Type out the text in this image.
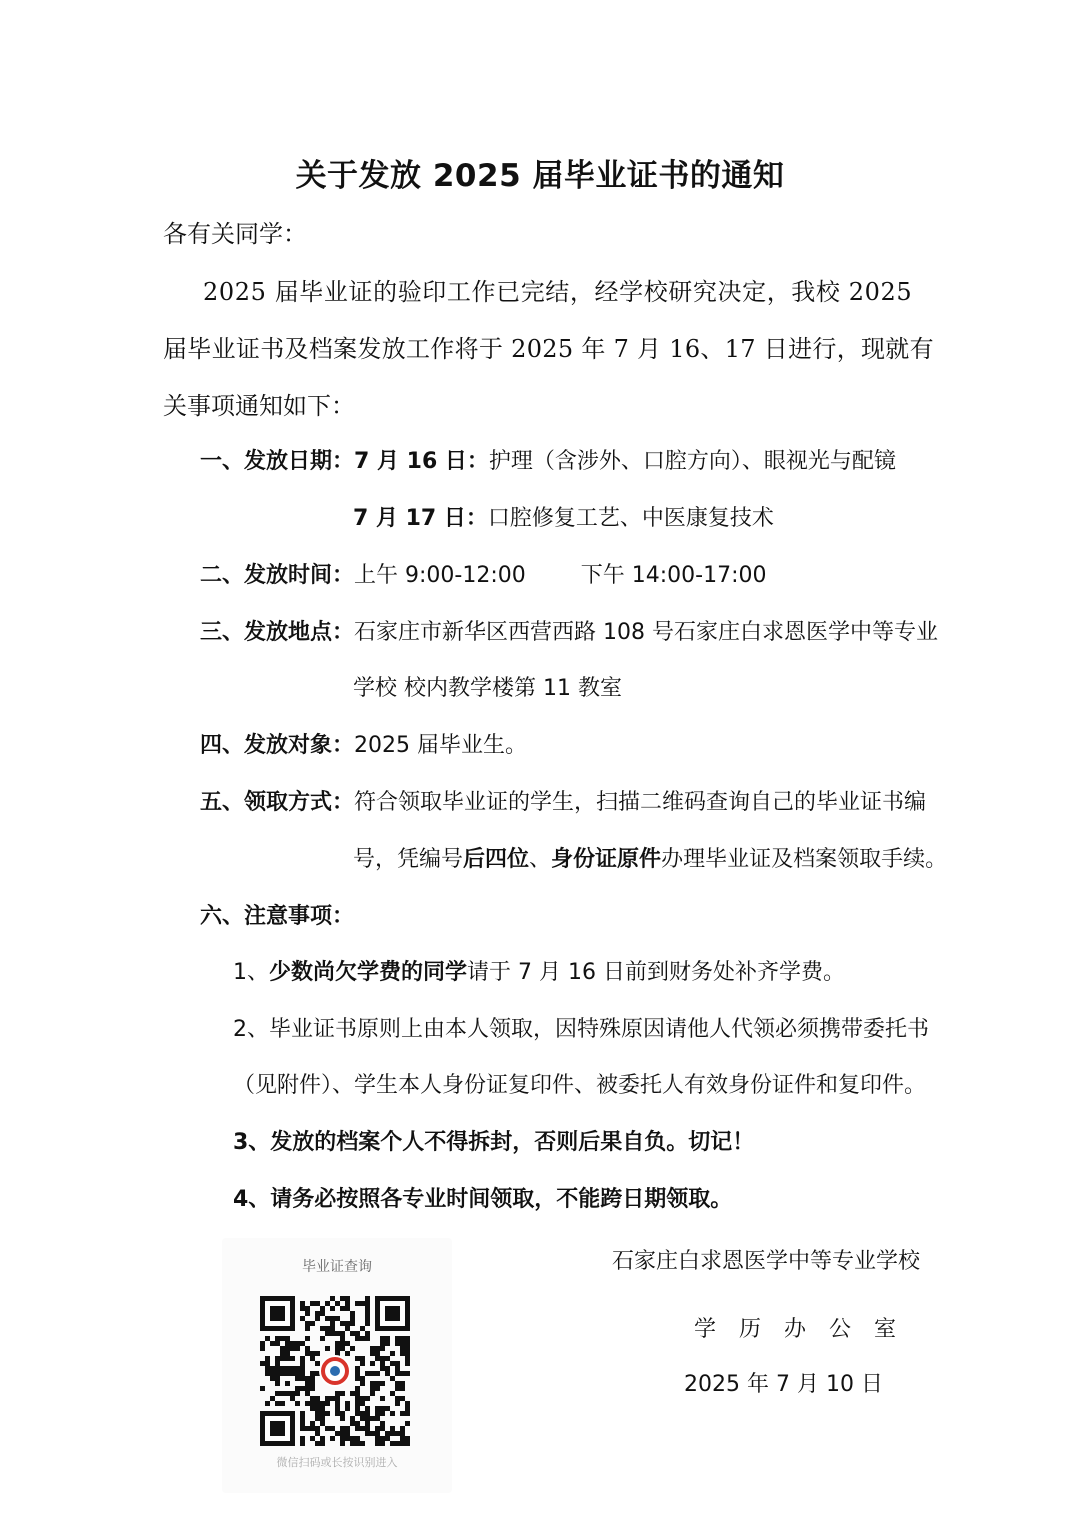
关于发放 2025 届毕业证书的通知
各有关同学：
2025 届毕业证的验印工作已完结，经学校研究决定，我校 2025
届毕业证书及档案发放工作将于 2025 年 7 月 16、17 日进行，现就有
关事项通知如下：
一、发放日期：7 月 16 日：护理（含涉外、口腔方向）、眼视光与配镜
7 月 17 日：口腔修复工艺、中医康复技术
二、发放时间：上午 9:00-12:00	下午 14:00-17:00
三、发放地点：石家庄市新华区西营西路 108 号石家庄白求恩医学中等专业
学校 校内教学楼第 11 教室
四、发放对象：2025 届毕业生。
五、领取方式：符合领取毕业证的学生，扫描二维码查询自己的毕业证书编
号，凭编号后四位、身份证原件办理毕业证及档案领取手续。
六、注意事项：
1、少数尚欠学费的同学请于 7 月 16 日前到财务处补齐学费。
2、毕业证书原则上由本人领取，因特殊原因请他人代领必须携带委托书
（见附件）、学生本人身份证复印件、被委托人有效身份证件和复印件。
3、发放的档案个人不得拆封，否则后果自负。切记！
4、请务必按照各专业时间领取，不能跨日期领取。
毕业证查询
微信扫码或长按识别进入
石家庄白求恩医学中等专业学校
学 历 办 公 室
2025 年 7 月 10 日
